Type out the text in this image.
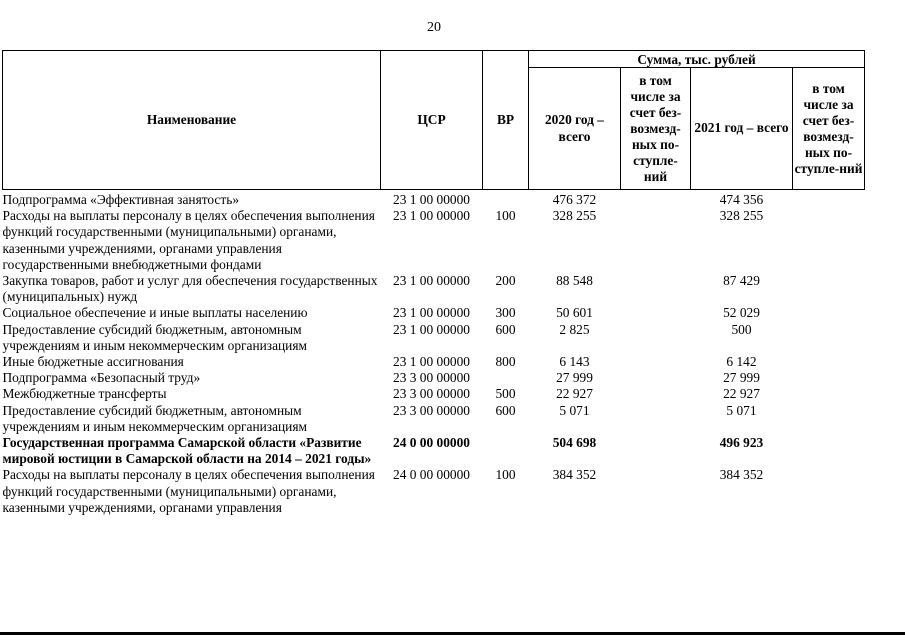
20
Наименование	ЦСР	ВР	Сумма, тыс. рублей			
			2020 год – всего	в том числе за счет без-возмезд-ных по-ступле-ний	2021 год – всего	в том числе за счет без-возмезд-ных по-ступле-ний
Подпрограмма «Эффективная занятость»	23 1 00 00000		476 372		474 356	
Расходы на выплаты персоналу в целях обеспечения выполнения функций государственными (муниципальными) органами, казенными учреждениями, органами управления государственными внебюджетными фондами	23 1 00 00000	100	328 255		328 255	
Закупка товаров, работ и услуг для обеспечения государственных (муниципальных) нужд	23 1 00 00000	200	88 548		87 429	
Социальное обеспечение и иные выплаты населению	23 1 00 00000	300	50 601		52 029	
Предоставление субсидий бюджетным, автономным учреждениям и иным некоммерческим организациям	23 1 00 00000	600	2 825		500	
Иные бюджетные ассигнования	23 1 00 00000	800	6 143		6 142	
Подпрограмма «Безопасный труд»	23 3 00 00000		27 999		27 999	
Межбюджетные трансферты	23 3 00 00000	500	22 927		22 927	
Предоставление субсидий бюджетным, автономным учреждениям и иным некоммерческим организациям	23 3 00 00000	600	5 071		5 071	
Государственная программа Самарской области «Развитие мировой юстиции в Самарской области на 2014 – 2021 годы»	24 0 00 00000		504 698		496 923	
Расходы на выплаты персоналу в целях обеспечения выполнения функций государственными (муниципальными) органами, казенными учреждениями, органами управления	24 0 00 00000	100	384 352		384 352	
